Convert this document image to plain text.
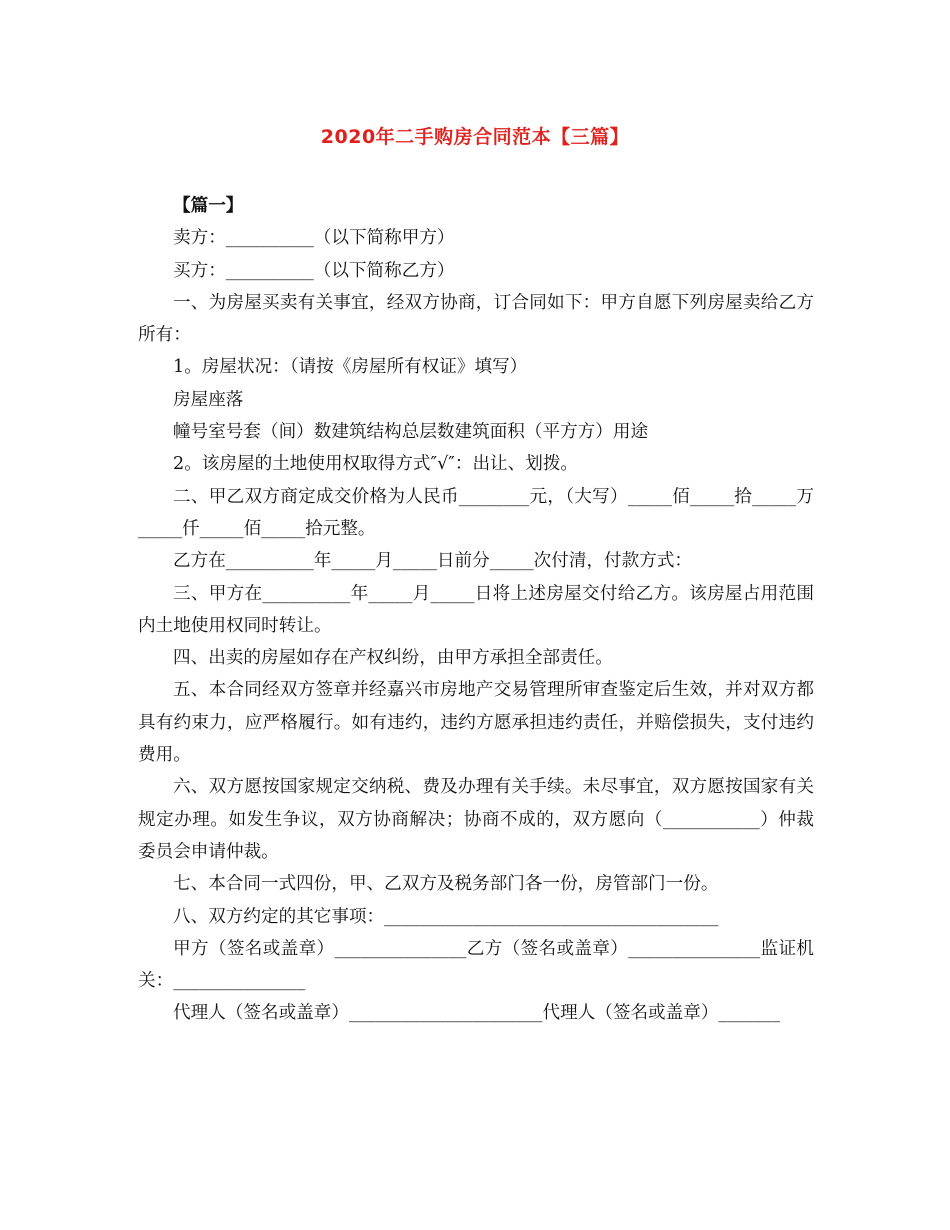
2020年二手购房合同范本【三篇】

【篇一】

卖方：__________（以下简称甲方）

买方：__________（以下简称乙方）

一、为房屋买卖有关事宜，经双方协商，订合同如下：甲方自愿下列房屋卖给乙方所有：

1。房屋状况：（请按《房屋所有权证》填写）

房屋座落

幢号室号套（间）数建筑结构总层数建筑面积（平方方）用途

2。该房屋的土地使用权取得方式″√″：出让、划拨。

二、甲乙双方商定成交价格为人民币________元，（大写）_____佰_____拾_____万_____仟_____佰_____拾元整。

乙方在__________年_____月_____日前分_____次付清，付款方式：

三、甲方在__________年_____月_____日将上述房屋交付给乙方。该房屋占用范围内土地使用权同时转让。

四、出卖的房屋如存在产权纠纷，由甲方承担全部责任。

五、本合同经双方签章并经嘉兴市房地产交易管理所审查鉴定后生效，并对双方都具有约束力，应严格履行。如有违约，违约方愿承担违约责任，并赔偿损失，支付违约费用。

六、双方愿按国家规定交纳税、费及办理有关手续。未尽事宜，双方愿按国家有关规定办理。如发生争议，双方协商解决；协商不成的，双方愿向（___________）仲裁委员会申请仲裁。

七、本合同一式四份，甲、乙双方及税务部门各一份，房管部门一份。

八、双方约定的其它事项：______________________________________

甲方（签名或盖章）_______________乙方（签名或盖章）_______________监证机关：_______________

代理人（签名或盖章）______________________代理人（签名或盖章）_______
